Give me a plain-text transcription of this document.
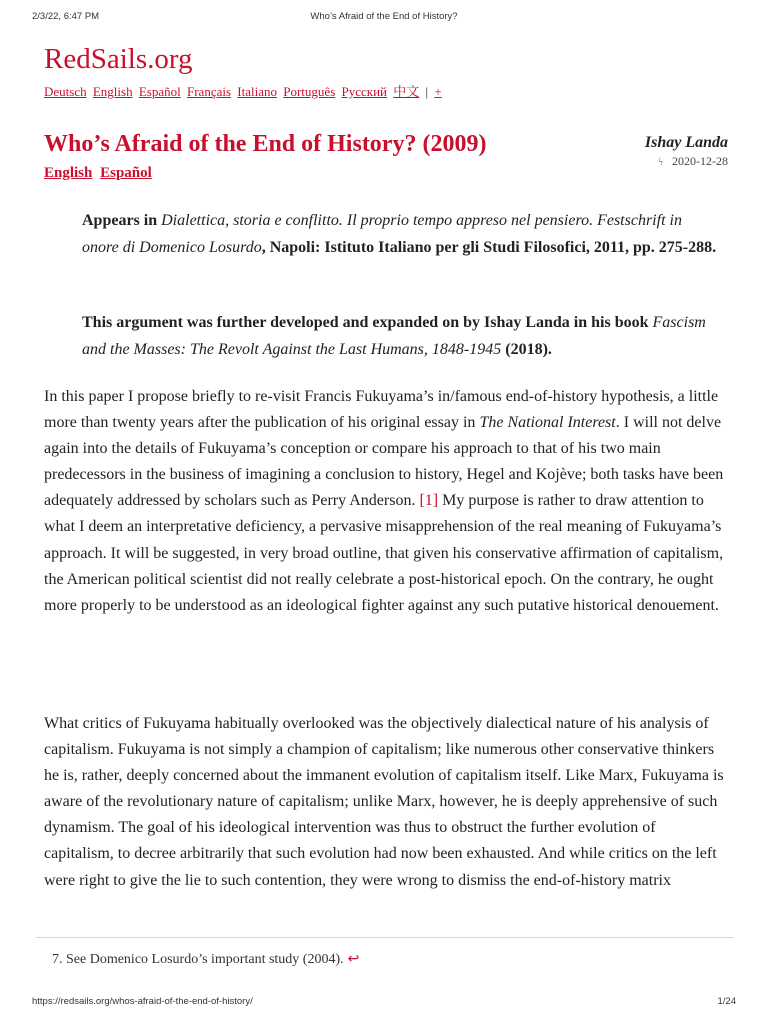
2/3/22, 6:47 PM	Who’s Afraid of the End of History?
RedSails.org
Deutsch English Español Français Italiano Português Русский 中文 | +
Who’s Afraid of the End of History? (2009)
English Español
Ishay Landa
ϟ 2020-12-28

Appears in Dialettica, storia e conflitto. Il proprio tempo appreso nel pensiero. Festschrift in onore di Domenico Losurdo, Napoli: Istituto Italiano per gli Studi Filosofici, 2011, pp. 275-288.

This argument was further developed and expanded on by Ishay Landa in his book Fascism and the Masses: The Revolt Against the Last Humans, 1848-1945 (2018).

In this paper I propose briefly to re-visit Francis Fukuyama’s in/famous end-of-history hypothesis, a little more than twenty years after the publication of his original essay in The National Interest. I will not delve again into the details of Fukuyama’s conception or compare his approach to that of his two main predecessors in the business of imagining a conclusion to history, Hegel and Kojève; both tasks have been adequately addressed by scholars such as Perry Anderson. [1] My purpose is rather to draw attention to what I deem an interpretative deficiency, a pervasive misapprehension of the real meaning of Fukuyama’s approach. It will be suggested, in very broad outline, that given his conservative affirmation of capitalism, the American political scientist did not really celebrate a post-historical epoch. On the contrary, he ought more properly to be understood as an ideological fighter against any such putative historical denouement.

What critics of Fukuyama habitually overlooked was the objectively dialectical nature of his analysis of capitalism. Fukuyama is not simply a champion of capitalism; like numerous other conservative thinkers he is, rather, deeply concerned about the immanent evolution of capitalism itself. Like Marx, Fukuyama is aware of the revolutionary nature of capitalism; unlike Marx, however, he is deeply apprehensive of such dynamism. The goal of his ideological intervention was thus to obstruct the further evolution of capitalism, to decree arbitrarily that such evolution had now been exhausted. And while critics on the left were right to give the lie to such contention, they were wrong to dismiss the end-of-history matrix

7. See Domenico Losurdo’s important study (2004). ↩
https://redsails.org/whos-afraid-of-the-end-of-history/	1/24
